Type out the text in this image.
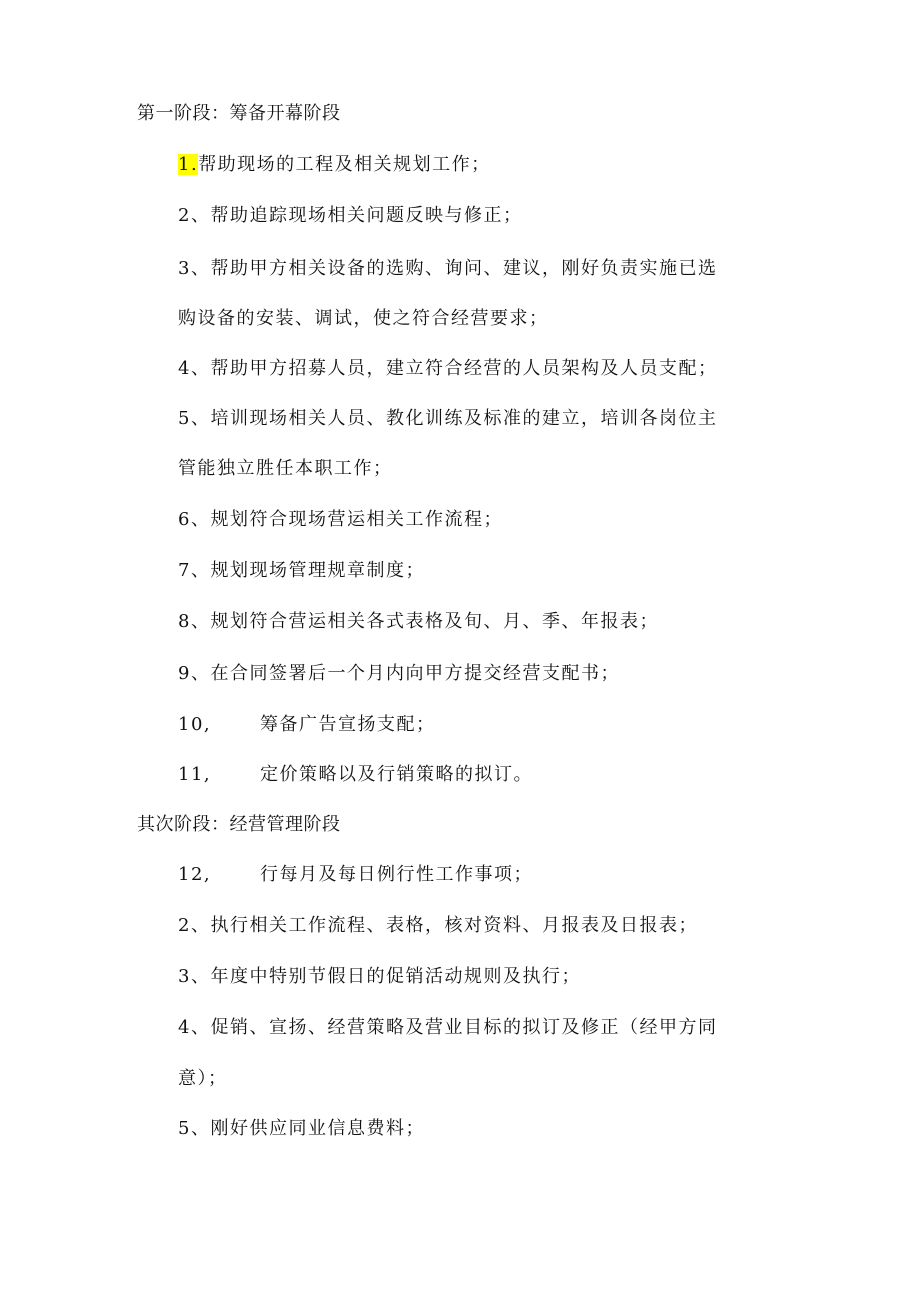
第一阶段：筹备开幕阶段
1.帮助现场的工程及相关规划工作；
2、帮助追踪现场相关问题反映与修正；
3、帮助甲方相关设备的选购、询问、建议，刚好负责实施已选
购设备的安装、调试，使之符合经营要求；
4、帮助甲方招募人员，建立符合经营的人员架构及人员支配；
5、培训现场相关人员、教化训练及标准的建立，培训各岗位主
管能独立胜任本职工作；
6、规划符合现场营运相关工作流程；
7、规划现场管理规章制度；
8、规划符合营运相关各式表格及旬、月、季、年报表；
9、在合同签署后一个月内向甲方提交经营支配书；
10,	筹备广告宣扬支配；
11,	定价策略以及行销策略的拟订。
其次阶段：经营管理阶段
12,	行每月及每日例行性工作事项；
2、执行相关工作流程、表格，核对资料、月报表及日报表；
3、年度中特别节假日的促销活动规则及执行；
4、促销、宣扬、经营策略及营业目标的拟订及修正（经甲方同
意）；
5、刚好供应同业信息费料；
